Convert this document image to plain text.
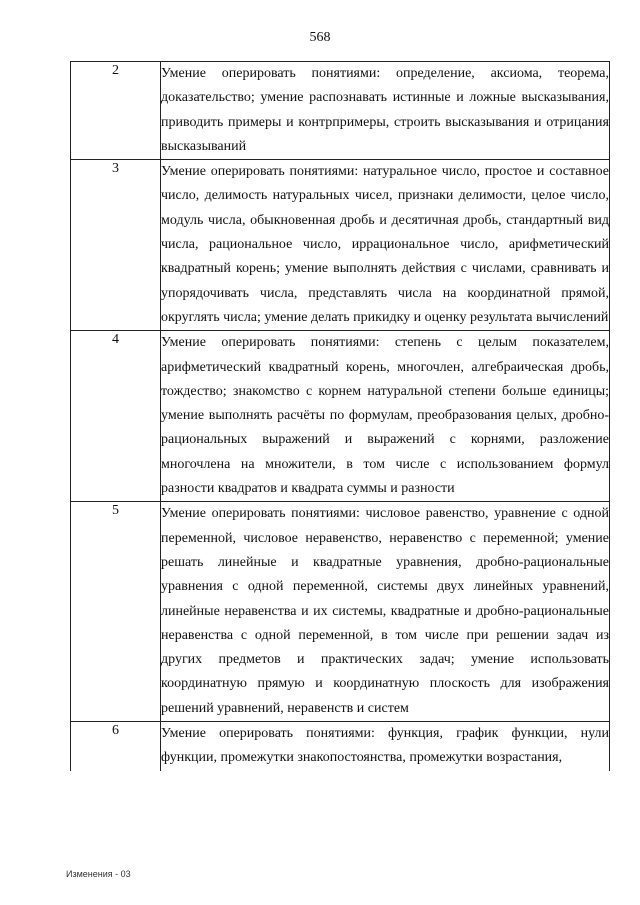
568
2	Умение оперировать понятиями: определение, аксиома, теорема, доказательство; умение распознавать истинные и ложные высказывания, приводить примеры и контрпримеры, строить высказывания и отрицания высказываний
3	Умение оперировать понятиями: натуральное число, простое и составное число, делимость натуральных чисел, признаки делимости, целое число, модуль числа, обыкновенная дробь и десятичная дробь, стандартный вид числа, рациональное число, иррациональное число, арифметический квадратный корень; умение выполнять действия с числами, сравнивать и упорядочивать числа, представлять числа на координатной прямой, округлять числа; умение делать прикидку и оценку результата вычислений
4	Умение оперировать понятиями: степень с целым показателем, арифметический квадратный корень, многочлен, алгебраическая дробь, тождество; знакомство с корнем натуральной степени больше единицы; умение выполнять расчёты по формулам, преобразования целых, дробно-рациональных выражений и выражений с корнями, разложение многочлена на множители, в том числе с использованием формул разности квадратов и квадрата суммы и разности
5	Умение оперировать понятиями: числовое равенство, уравнение с одной переменной, числовое неравенство, неравенство с переменной; умение решать линейные и квадратные уравнения, дробно-рациональные уравнения с одной переменной, системы двух линейных уравнений, линейные неравенства и их системы, квадратные и дробно-рациональные неравенства с одной переменной, в том числе при решении задач из других предметов и практических задач; умение использовать координатную прямую и координатную плоскость для изображения решений уравнений, неравенств и систем
6	Умение оперировать понятиями: функция, график функции, нули функции, промежутки знакопостоянства, промежутки возрастания,
Изменения - 03
